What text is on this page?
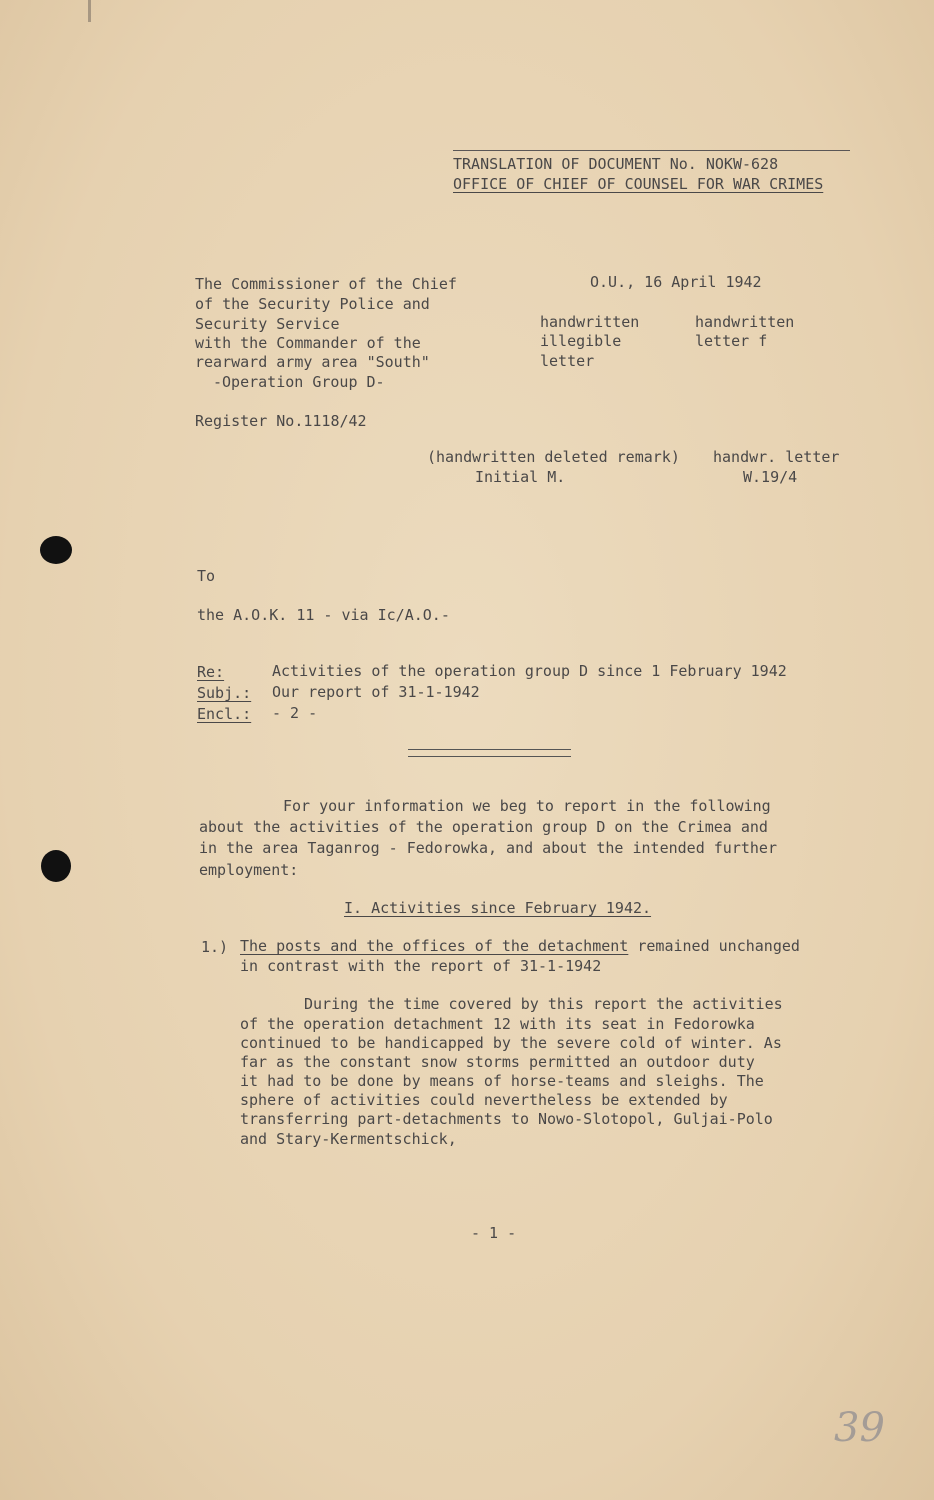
TRANSLATION OF DOCUMENT No. NOKW-628
OFFICE OF CHIEF OF COUNSEL FOR WAR CRIMES
The Commissioner of the Chief
of the Security Police and
Security Service
with the Commander of the
rearward army area "South"
-Operation Group D-
Register No.1118/42
O.U., 16 April 1942
handwritten
illegible
letter
handwritten
letter f
(handwritten deleted remark)
Initial M.
handwr. letter
W.19/4
To
the A.O.K. 11 - via Ic/A.O.-
Re:	Activities of the operation group D since 1 February 1942
Subj.: Our report of 31-1-1942
Encl.: - 2 -
For your information we beg to report in the following
about the activities of the operation group D on the Crimea and
in the area Taganrog - Fedorowka, and about the intended further
employment:
I. Activities since February 1942.
1.) The posts and the offices of the detachment remained unchanged
in contrast with the report of 31-1-1942
During the time covered by this report the activities
of the operation detachment 12 with its seat in Fedorowka
continued to be handicapped by the severe cold of winter. As
far as the constant snow storms permitted an outdoor duty
it had to be done by means of horse-teams and sleighs. The
sphere of activities could nevertheless be extended by
transferring part-detachments to Nowo-Slotopol, Guljai-Polo
and Stary-Kermentschick,
- 1 -
39
